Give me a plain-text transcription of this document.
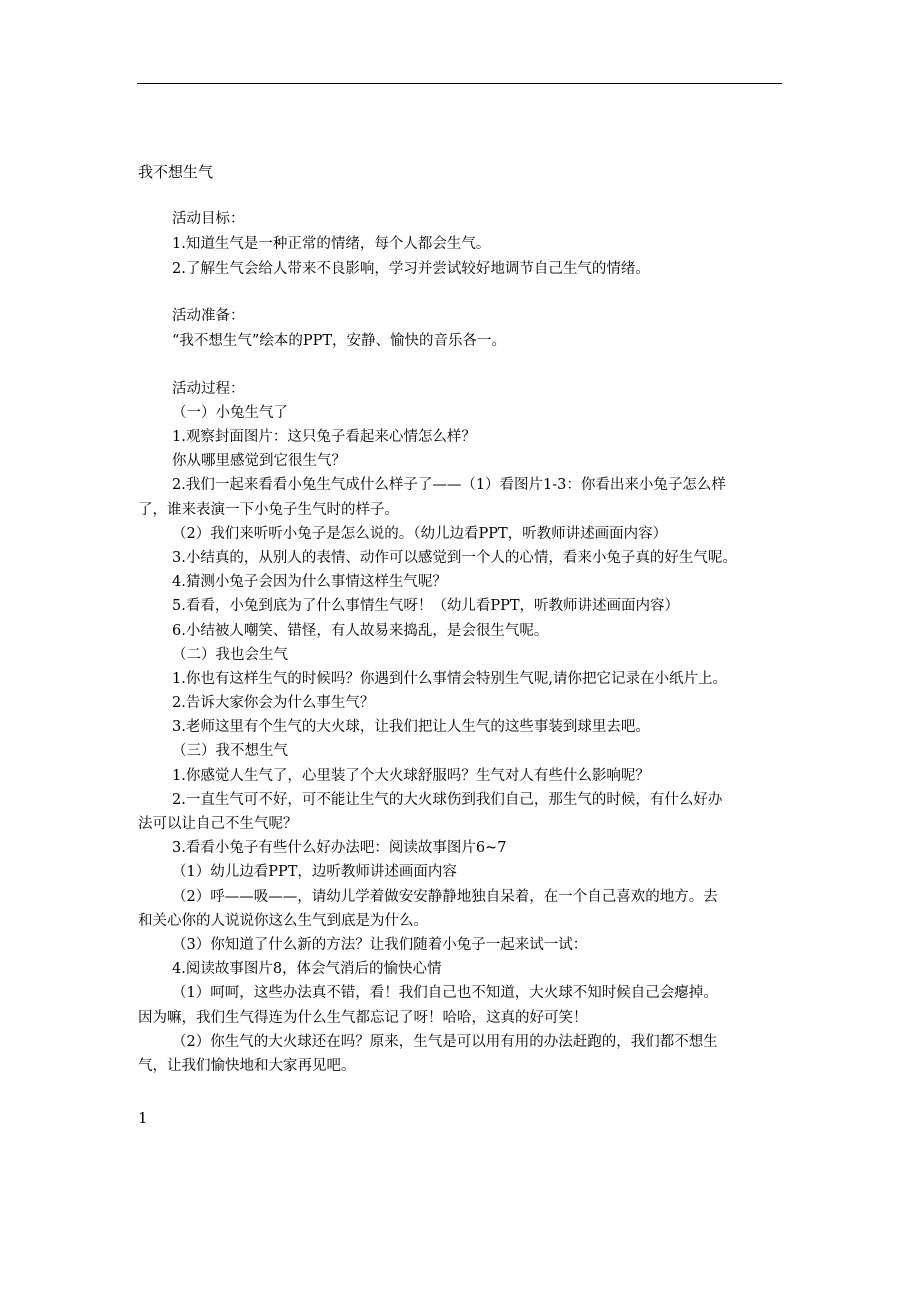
我不想生气
活动目标：
1.知道生气是一种正常的情绪，每个人都会生气。
2.了解生气会给人带来不良影响，学习并尝试较好地调节自己生气的情绪。
活动准备：
“我不想生气”绘本的PPT，安静、愉快的音乐各一。
活动过程：
（一）小兔生气了
1.观察封面图片：这只兔子看起来心情怎么样？
你从哪里感觉到它很生气？
2.我们一起来看看小兔生气成什么样子了——（1）看图片1-3：你看出来小兔子怎么样
了，谁来表演一下小兔子生气时的样子。
（2）我们来听听小兔子是怎么说的。（幼儿边看PPT，听教师讲述画面内容）
3.小结真的，从别人的表情、动作可以感觉到一个人的心情，看来小兔子真的好生气呢。
4.猜测小兔子会因为什么事情这样生气呢？
5.看看，小兔到底为了什么事情生气呀！（幼儿看PPT，听教师讲述画面内容）
6.小结被人嘲笑、错怪，有人故易来捣乱，是会很生气呢。
（二）我也会生气
1.你也有这样生气的时候吗？你遇到什么事情会特别生气呢,请你把它记录在小纸片上。
2.告诉大家你会为什么事生气？
3.老师这里有个生气的大火球，让我们把让人生气的这些事装到球里去吧。
（三）我不想生气
1.你感觉人生气了，心里装了个大火球舒服吗？生气对人有些什么影响呢？
2.一直生气可不好，可不能让生气的大火球伤到我们自己，那生气的时候，有什么好办
法可以让自己不生气呢？
3.看看小兔子有些什么好办法吧：阅读故事图片6~7
（1）幼儿边看PPT，边听教师讲述画面内容
（2）呼——吸——，请幼儿学着做安安静静地独自呆着，在一个自己喜欢的地方。去
和关心你的人说说你这么生气到底是为什么。
（3）你知道了什么新的方法？让我们随着小兔子一起来试一试：
4.阅读故事图片8，体会气消后的愉快心情
（1）呵呵，这些办法真不错，看！我们自己也不知道，大火球不知时候自己会瘪掉。
因为嘛，我们生气得连为什么生气都忘记了呀！哈哈，这真的好可笑！
（2）你生气的大火球还在吗？原来，生气是可以用有用的办法赶跑的，我们都不想生
气，让我们愉快地和大家再见吧。
1
